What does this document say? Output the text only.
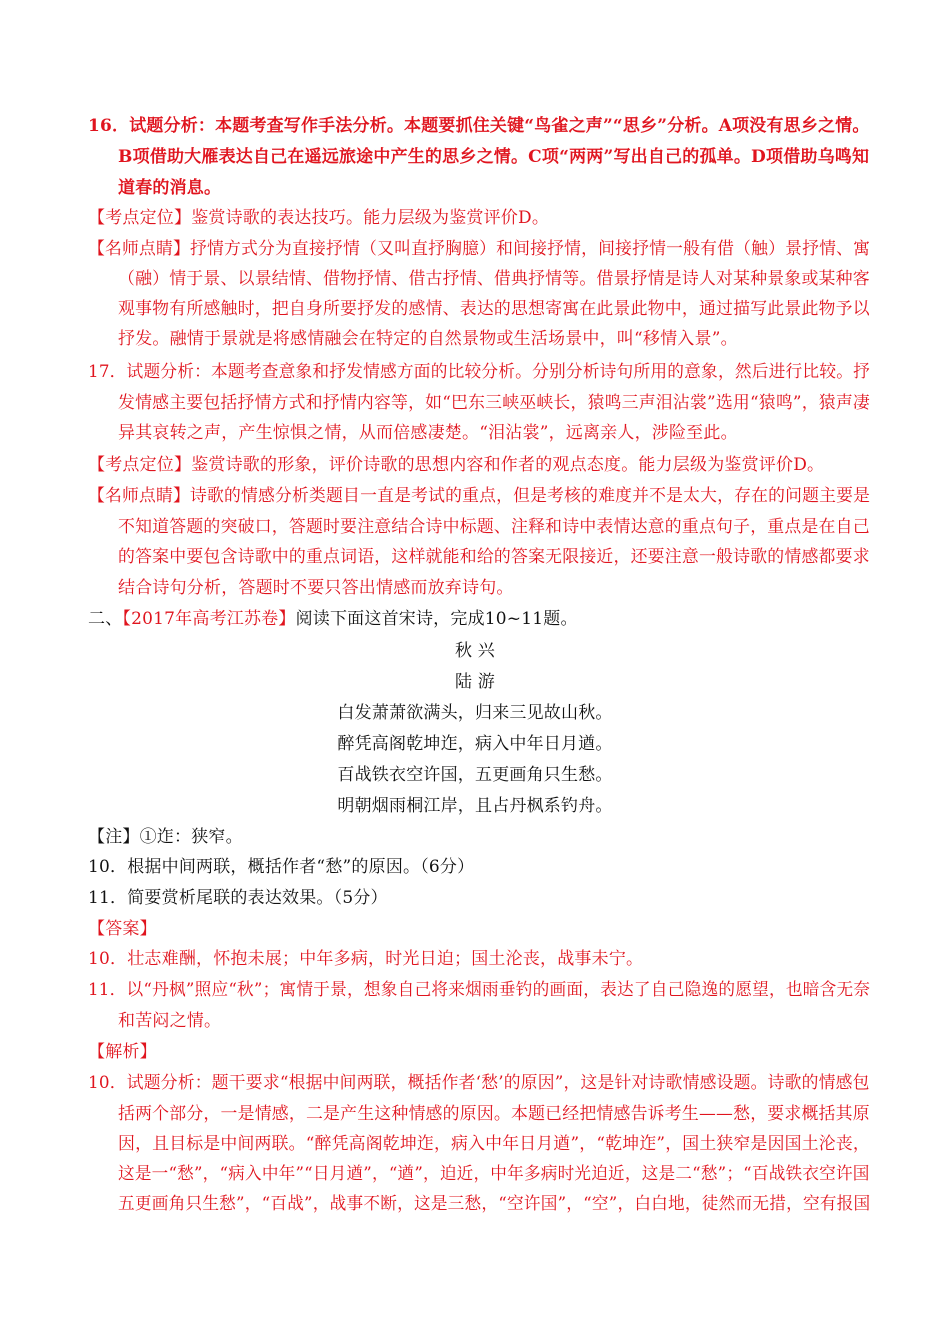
16．试题分析：本题考查写作手法分析。本题要抓住关键“鸟雀之声”“思乡”分析。A项没有思乡之情。
B项借助大雁表达自己在遥远旅途中产生的思乡之情。C项“两两”写出自己的孤单。D项借助乌鸣知
道春的消息。
【考点定位】鉴赏诗歌的表达技巧。能力层级为鉴赏评价D。
【名师点睛】抒情方式分为直接抒情（又叫直抒胸臆）和间接抒情，间接抒情一般有借（触）景抒情、寓
（融）情于景、以景结情、借物抒情、借古抒情、借典抒情等。借景抒情是诗人对某种景象或某种客
观事物有所感触时，把自身所要抒发的感情、表达的思想寄寓在此景此物中，通过描写此景此物予以
抒发。融情于景就是将感情融会在特定的自然景物或生活场景中，叫“移情入景”。
17．试题分析：本题考查意象和抒发情感方面的比较分析。分别分析诗句所用的意象，然后进行比较。抒
发情感主要包括抒情方式和抒情内容等，如“巴东三峡巫峡长，猿鸣三声泪沾裳”选用“猿鸣”，猿声凄
异其哀转之声，产生惊惧之情，从而倍感凄楚。“泪沾裳”，远离亲人，涉险至此。
【考点定位】鉴赏诗歌的形象，评价诗歌的思想内容和作者的观点态度。能力层级为鉴赏评价D。
【名师点睛】诗歌的情感分析类题目一直是考试的重点，但是考核的难度并不是太大，存在的问题主要是
不知道答题的突破口，答题时要注意结合诗中标题、注释和诗中表情达意的重点句子，重点是在自己
的答案中要包含诗歌中的重点词语，这样就能和给的答案无限接近，还要注意一般诗歌的情感都要求
结合诗句分析，答题时不要只答出情感而放弃诗句。
二、【2017年高考江苏卷】阅读下面这首宋诗，完成10~11题。
秋 兴
陆 游
白发萧萧欲满头，归来三见故山秋。
醉凭高阁乾坤迮，病入中年日月遒。
百战铁衣空许国，五更画角只生愁。
明朝烟雨桐江岸，且占丹枫系钓舟。
【注】①迮：狭窄。
10．根据中间两联，概括作者“愁”的原因。（6分）
11．简要赏析尾联的表达效果。（5分）
【答案】
10．壮志难酬，怀抱未展；中年多病，时光日迫；国土沦丧，战事未宁。
11．以“丹枫”照应“秋”；寓情于景，想象自己将来烟雨垂钓的画面，表达了自己隐逸的愿望，也暗含无奈
和苦闷之情。
【解析】
10．试题分析：题干要求“根据中间两联，概括作者‘愁’的原因”，这是针对诗歌情感设题。诗歌的情感包
括两个部分，一是情感，二是产生这种情感的原因。本题已经把情感告诉考生——愁，要求概括其原
因，且目标是中间两联。“醉凭高阁乾坤迮，病入中年日月遒”，“乾坤迮”，国土狭窄是因国土沦丧，
这是一“愁”，“病入中年”“日月遒”，“遒”，迫近，中年多病时光迫近，这是二“愁”；“百战铁衣空许国
五更画角只生愁”，“百战”，战事不断，这是三愁，“空许国”，“空”，白白地，徒然而无措，空有报国
